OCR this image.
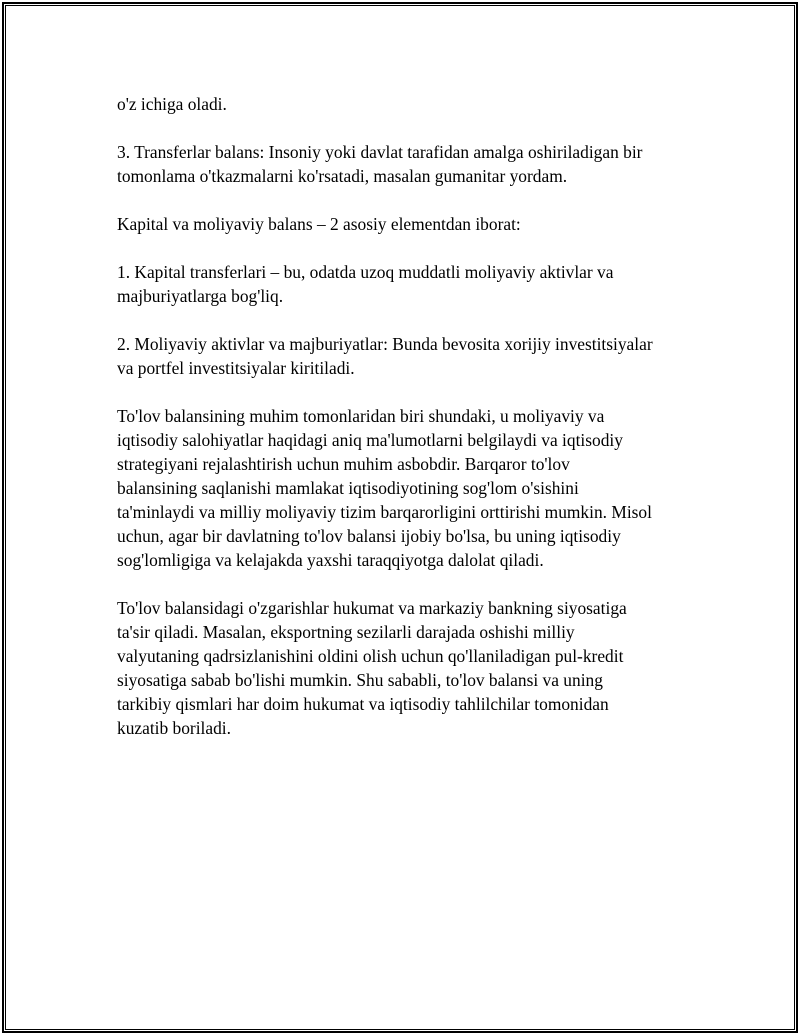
o'z ichiga oladi.

3. Transferlar balans: Insoniy yoki davlat tarafidan amalga oshiriladigan bir
tomonlama o'tkazmalarni ko'rsatadi, masalan gumanitar yordam.

Kapital va moliyaviy balans – 2 asosiy elementdan iborat:

1. Kapital transferlari – bu, odatda uzoq muddatli moliyaviy aktivlar va
majburiyatlarga bog'liq.

2. Moliyaviy aktivlar va majburiyatlar: Bunda bevosita xorijiy investitsiyalar
va portfel investitsiyalar kiritiladi.

To'lov balansining muhim tomonlaridan biri shundaki, u moliyaviy va
iqtisodiy salohiyatlar haqidagi aniq ma'lumotlarni belgilaydi va iqtisodiy
strategiyani rejalashtirish uchun muhim asbobdir. Barqaror to'lov
balansining saqlanishi mamlakat iqtisodiyotining sog'lom o'sishini
ta'minlaydi va milliy moliyaviy tizim barqarorligini orttirishi mumkin. Misol
uchun, agar bir davlatning to'lov balansi ijobiy bo'lsa, bu uning iqtisodiy
sog'lomligiga va kelajakda yaxshi taraqqiyotga dalolat qiladi.

To'lov balansidagi o'zgarishlar hukumat va markaziy bankning siyosatiga
ta'sir qiladi. Masalan, eksportning sezilarli darajada oshishi milliy
valyutaning qadrsizlanishini oldini olish uchun qo'llaniladigan pul-kredit
siyosatiga sabab bo'lishi mumkin. Shu sababli, to'lov balansi va uning
tarkibiy qismlari har doim hukumat va iqtisodiy tahlilchilar tomonidan
kuzatib boriladi.
